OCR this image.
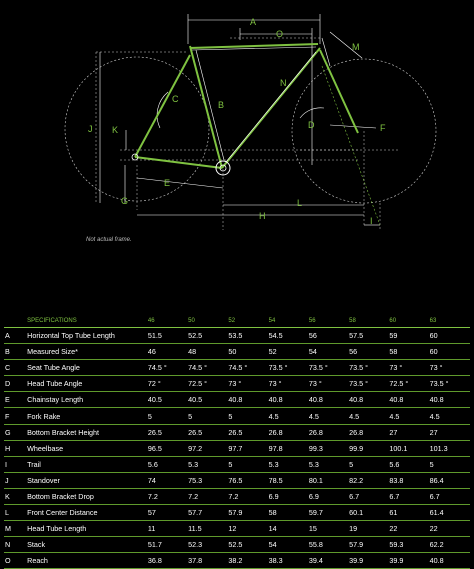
A
O
M
C
N
J K
B
D	F
E
G
H
L
I
Not actual frame.
	SPECIFICATIONS	46	50	52	54	56	58	60	63
A	Horizontal Top Tube Length	51.5	52.5	53.5	54.5	56	57.5	59	60
B	Measured Size*	46	48	50	52	54	56	58	60
C	Seat Tube Angle	74.5 °	74.5 °	74.5 °	73.5 °	73.5 °	73.5 °	73 °	73 °
D	Head Tube Angle	72 °	72.5 °	73 °	73 °	73 °	73.5 °	72.5 °	73.5 °
E	Chainstay Length	40.5	40.5	40.8	40.8	40.8	40.8	40.8	40.8
F	Fork Rake	5	5	5	4.5	4.5	4.5	4.5	4.5
G	Bottom Bracket Height	26.5	26.5	26.5	26.8	26.8	26.8	27	27
H	Wheelbase	96.5	97.2	97.7	97.8	99.3	99.9	100.1	101.3
I	Trail	5.6	5.3	5	5.3	5.3	5	5.6	5
J	Standover	74	75.3	76.5	78.5	80.1	82.2	83.8	86.4
K	Bottom Bracket Drop	7.2	7.2	7.2	6.9	6.9	6.7	6.7	6.7
L	Front Center Distance	57	57.7	57.9	58	59.7	60.1	61	61.4
M	Head Tube Length	11	11.5	12	14	15	19	22	22
N	Stack	51.7	52.3	52.5	54	55.8	57.9	59.3	62.2
O	Reach	36.8	37.8	38.2	38.3	39.4	39.9	39.9	40.8
